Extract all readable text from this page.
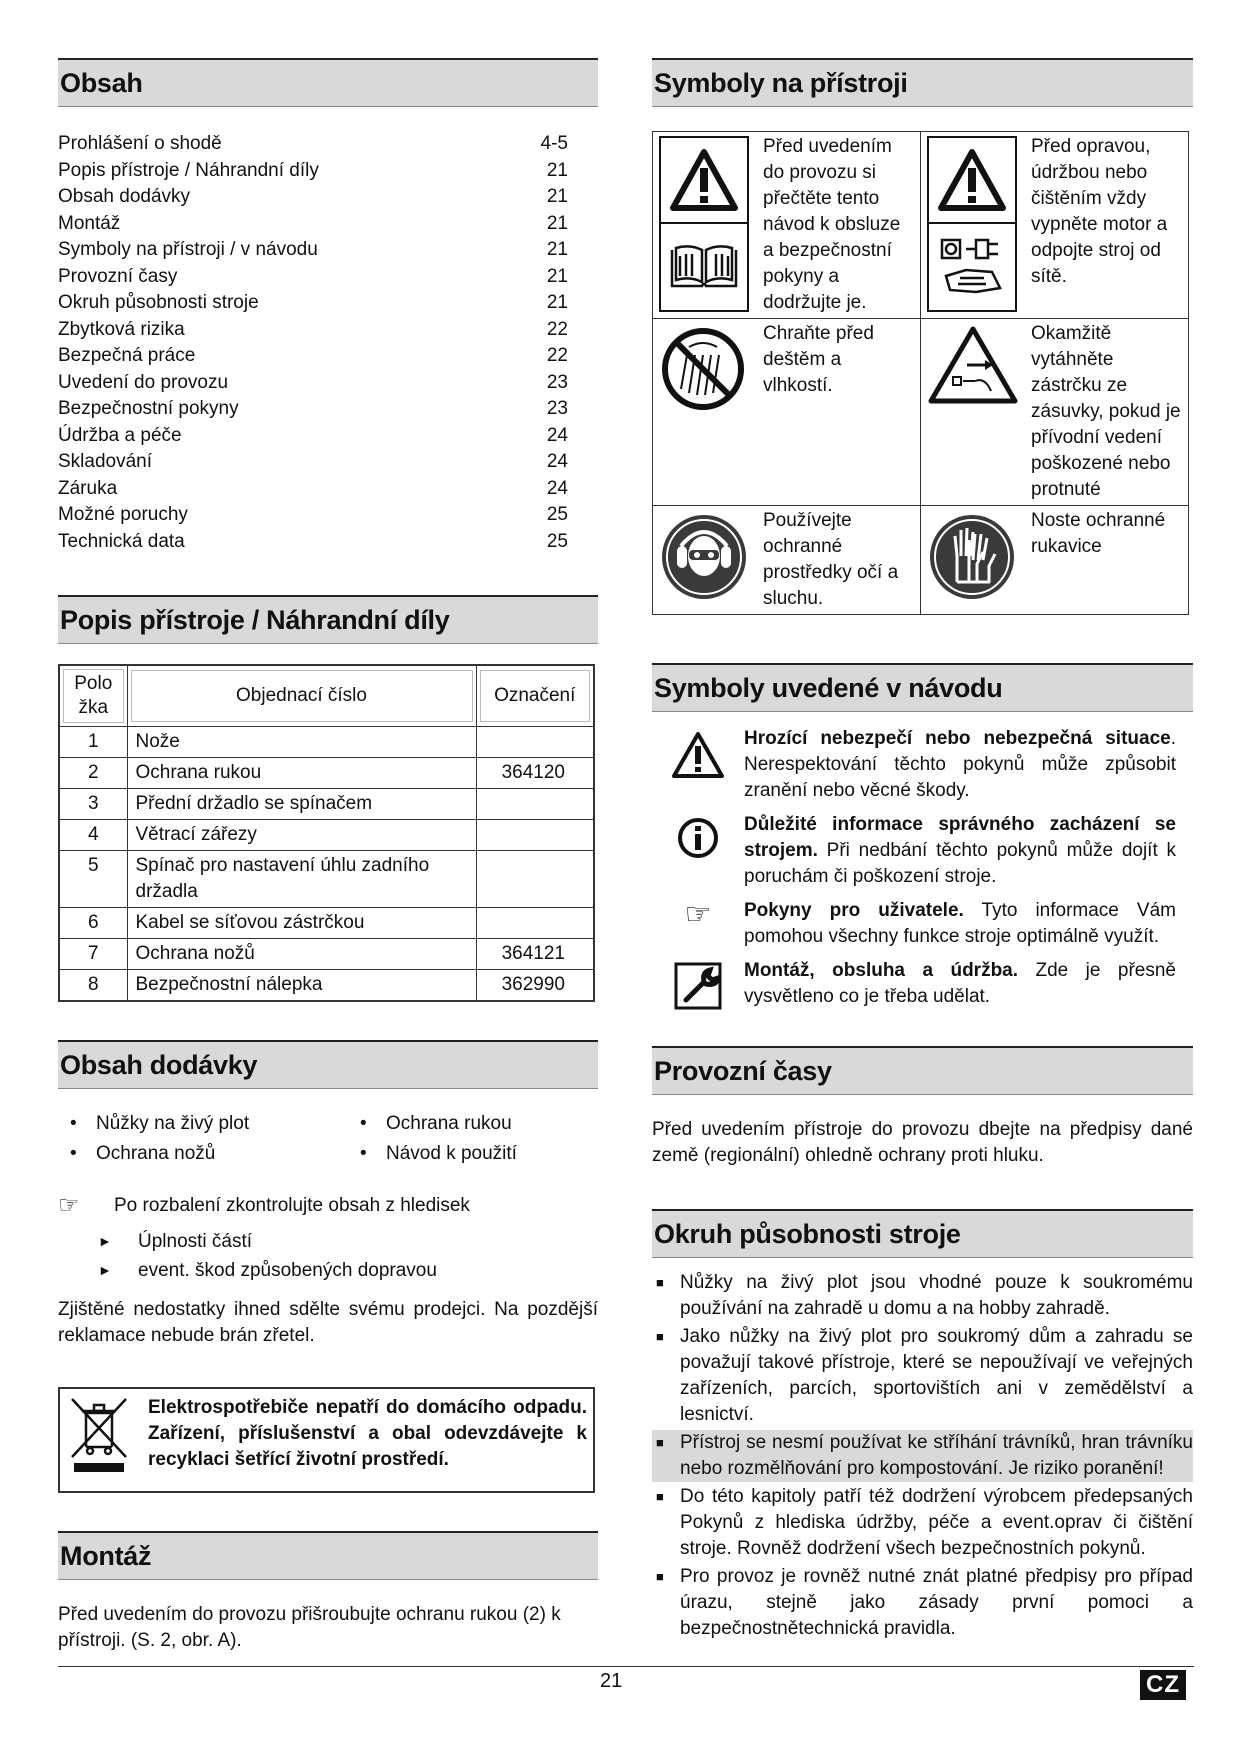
Obsah
Prohlášení o shodě	4-5
Popis přístroje / Náhrandní díly	21
Obsah dodávky	21
Montáž	21
Symboly na přístroji / v návodu	21
Provozní časy	21
Okruh působnosti stroje	21
Zbytková rizika	22
Bezpečná práce	22
Uvedení do provozu	23
Bezpečnostní pokyny	23
Údržba a péče	24
Skladování	24
Záruka	24
Možné poruchy	25
Technická data	25
Popis přístroje / Náhrandní díly
Polo
žka	Objednací číslo	Označení

1	Nože	
2	Ochrana rukou	364120
3	Přední držadlo se spínačem	
4	Větrací zářezy	
5	Spínač pro nastavení úhlu zadního držadla	
6	Kabel se síťovou zástrčkou	
7	Ochrana nožů	364121
8	Bezpečnostní nálepka	362990
Obsah dodávky
•	Nůžky na živý plot	•	Ochrana rukou
•	Ochrana nožů	•	Návod k použití
☞	Po rozbalení zkontrolujte obsah z hledisek
►	Úplnosti částí
►	event. škod způsobených dopravou

Zjištěné nedostatky ihned sdělte svému prodejci. Na pozdější reklamace nebude brán zřetel.

Elektrospotřebiče nepatří do domácího odpadu. Zařízení, příslušenství a obal odevzdávejte k recyklaci šetřící životní prostředí.
Montáž

Před uvedením do provozu přišroubujte ochranu rukou (2) k přístroji. (S. 2, obr. A).

Symboly na přístroji
Před uvedením do provozu si přečtěte tento návod k obsluze a bezpečnostní pokyny a dodržujte je.	Před opravou, údržbou nebo čištěním vždy vypněte motor a odpojte stroj od sítě.

Chraňte před deštěm a vlhkostí.	Okamžitě vytáhněte zástrčku ze zásuvky, pokud je přívodní vedení poškozené nebo protnuté

Používejte ochranné prostředky očí a sluchu.	Noste ochranné rukavice
Symboly uvedené v návodu
Hrozící nebezpečí nebo nebezpečná situace. Nerespektování těchto pokynů může způsobit zranění nebo věcné škody.
Důležité informace správného zacházení se strojem. Při nedbání těchto pokynů může dojít k poruchám či poškození stroje.
☞	Pokyny pro uživatele. Tyto informace Vám pomohou všechny funkce stroje optimálně využít.
Montáž, obsluha a údržba. Zde je přesně vysvětleno co je třeba udělat.
Provozní časy

Před uvedením přístroje do provozu dbejte na předpisy dané země (regionální) ohledně ochrany proti hluku.

Okruh působnosti stroje
■ Nůžky na živý plot jsou vhodné pouze k soukromému používání na zahradě u domu a na hobby zahradě.
■ Jako nůžky na živý plot pro soukromý dům a zahradu se považují takové přístroje, které se nepoužívají ve veřejných zařízeních, parcích, sportovištích ani v zemědělství a lesnictví.
■ Přístroj se nesmí používat ke stříhání trávníků, hran trávníku nebo rozmělňování pro kompostování. Je riziko poranění!
■ Do této kapitoly patří též dodržení výrobcem předepsaných Pokynů z hlediska údržby, péče a event.oprav či čištění stroje. Rovněž dodržení všech bezpečnostních pokynů.
■ Pro provoz je rovněž nutné znát platné předpisy pro případ úrazu, stejně jako zásady první pomoci a bezpečnostnětechnická pravidla.
21	CZ
